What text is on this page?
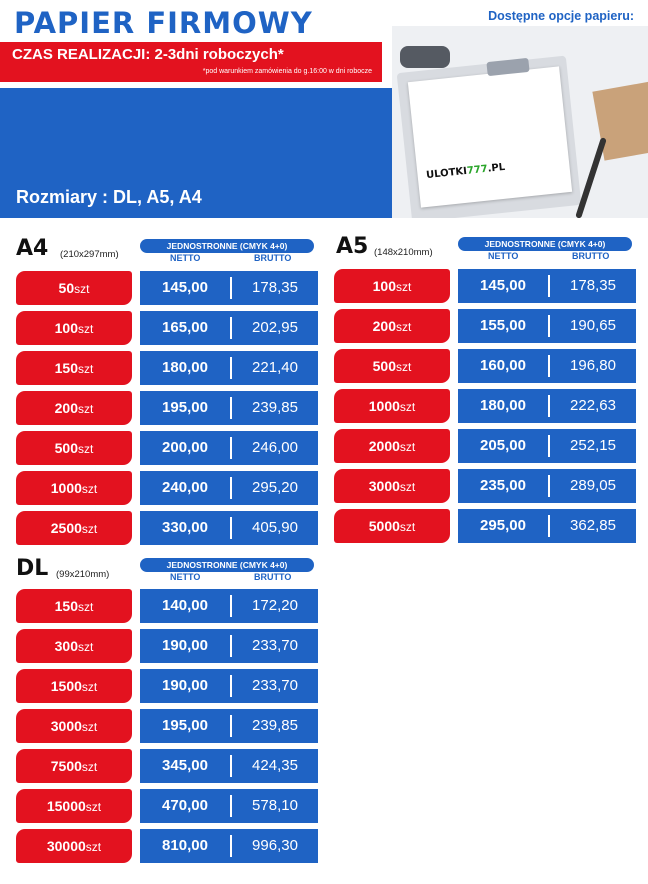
PAPIER FIRMOWY	Dostępne opcje papieru:
CZAS REALIZACJI: 2-3dni roboczych*
*pod warunkiem zamówienia do g.16:00 w dni robocze
Rozmiary : DL, A5, A4
ULOTKI777.PL
A4 (210x297mm)
JEDNOSTRONNE (CMYK 4+0)
NETTO	BRUTTO A5 (148x210mm)
JEDNOSTRONNE (CMYK 4+0)
NETTO	BRUTTO
DL (99x210mm)
JEDNOSTRONNE (CMYK 4+0)
NETTO	BRUTTO
50szt	145,00	178,35
100szt	165,00	202,95
150szt	180,00	221,40
200szt	195,00	239,85
500szt	200,00	246,00
1000szt	240,00	295,20
2500szt	330,00	405,90
100szt	145,00	178,35
200szt	155,00	190,65
500szt	160,00	196,80
1000szt	180,00	222,63
2000szt	205,00	252,15
3000szt	235,00	289,05
5000szt	295,00	362,85
150szt	140,00	172,20
300szt	190,00	233,70
1500szt	190,00	233,70
3000szt	195,00	239,85
7500szt	345,00	424,35
15000szt	470,00	578,10
30000szt	810,00	996,30
